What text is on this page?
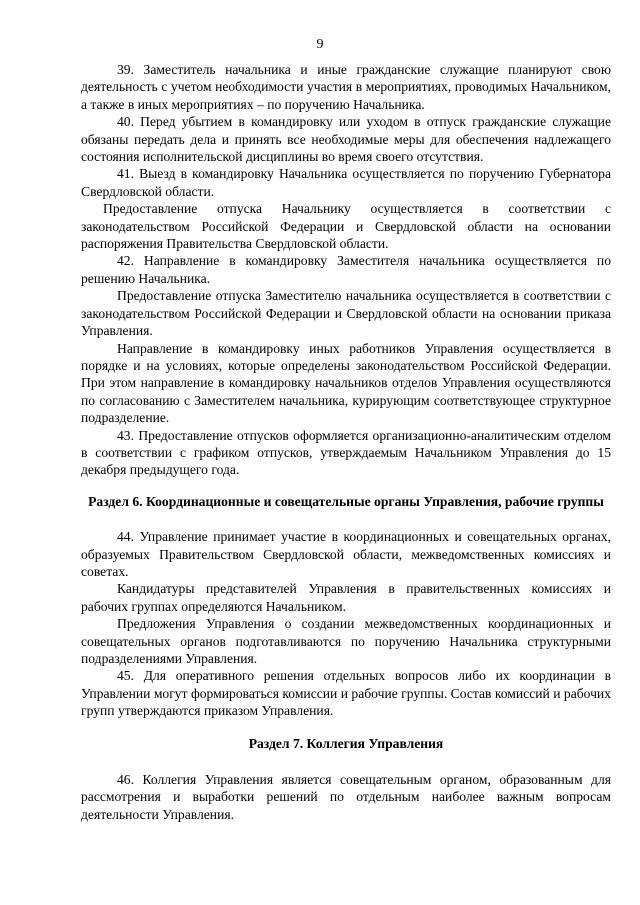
9

39. Заместитель начальника и иные гражданские служащие планируют свою деятельность с учетом необходимости участия в мероприятиях, проводимых Начальником, а также в иных мероприятиях – по поручению Начальника.

40. Перед убытием в командировку или уходом в отпуск гражданские служащие обязаны передать дела и принять все необходимые меры для обеспечения надлежащего состояния исполнительской дисциплины во время своего отсутствия.

41. Выезд в командировку Начальника осуществляется по поручению Губернатора Свердловской области.

Предоставление отпуска Начальнику осуществляется в соответствии с законодательством Российской Федерации и Свердловской области на основании распоряжения Правительства Свердловской области.

42. Направление в командировку Заместителя начальника осуществляется по решению Начальника.

Предоставление отпуска Заместителю начальника осуществляется в соответствии с законодательством Российской Федерации и Свердловской области на основании приказа Управления.

Направление в командировку иных работников Управления осуществляется в порядке и на условиях, которые определены законодательством Российской Федерации. При этом направление в командировку начальников отделов Управления осуществляются по согласованию с Заместителем начальника, курирующим соответствующее структурное подразделение.

43. Предоставление отпусков оформляется организационно-аналитическим отделом в соответствии с графиком отпусков, утверждаемым Начальником Управления до 15 декабря предыдущего года.

Раздел 6. Координационные и совещательные органы Управления, рабочие группы

44. Управление принимает участие в координационных и совещательных органах, образуемых Правительством Свердловской области, межведомственных комиссиях и советах.

Кандидатуры представителей Управления в правительственных комиссиях и рабочих группах определяются Начальником.

Предложения Управления о создании межведомственных координационных и совещательных органов подготавливаются по поручению Начальника структурными подразделениями Управления.

45. Для оперативного решения отдельных вопросов либо их координации в Управлении могут формироваться комиссии и рабочие группы. Состав комиссий и рабочих групп утверждаются приказом Управления.

Раздел 7. Коллегия Управления

46. Коллегия Управления является совещательным органом, образованным для рассмотрения и выработки решений по отдельным наиболее важным вопросам деятельности Управления.
